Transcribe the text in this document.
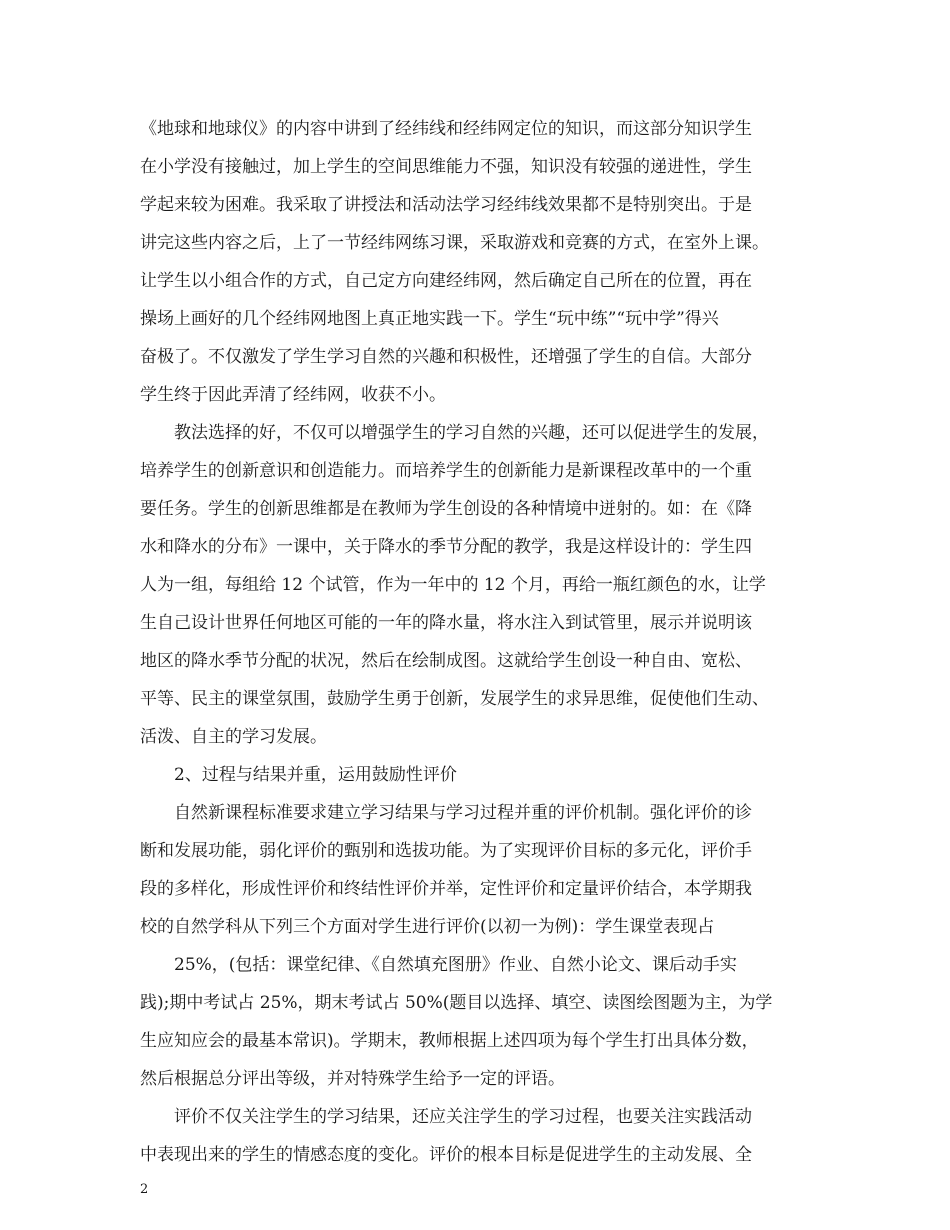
《地球和地球仪》的内容中讲到了经纬线和经纬网定位的知识，而这部分知识学生
在小学没有接触过，加上学生的空间思维能力不强，知识没有较强的递进性，学生
学起来较为困难。我采取了讲授法和活动法学习经纬线效果都不是特别突出。于是
讲完这些内容之后，上了一节经纬网练习课，采取游戏和竞赛的方式，在室外上课。
让学生以小组合作的方式，自己定方向建经纬网，然后确定自己所在的位置，再在
操场上画好的几个经纬网地图上真正地实践一下。学生“玩中练”“玩中学”得兴
奋极了。不仅激发了学生学习自然的兴趣和积极性，还增强了学生的自信。大部分
学生终于因此弄清了经纬网，收获不小。
教法选择的好，不仅可以增强学生的学习自然的兴趣，还可以促进学生的发展，
培养学生的创新意识和创造能力。而培养学生的创新能力是新课程改革中的一个重
要任务。学生的创新思维都是在教师为学生创设的各种情境中迸射的。如：在《降
水和降水的分布》一课中，关于降水的季节分配的教学，我是这样设计的：学生四
人为一组，每组给 12 个试管，作为一年中的 12 个月，再给一瓶红颜色的水，让学
生自己设计世界任何地区可能的一年的降水量，将水注入到试管里，展示并说明该
地区的降水季节分配的状况，然后在绘制成图。这就给学生创设一种自由、宽松、
平等、民主的课堂氛围，鼓励学生勇于创新，发展学生的求异思维，促使他们生动、
活泼、自主的学习发展。
2、过程与结果并重，运用鼓励性评价
自然新课程标准要求建立学习结果与学习过程并重的评价机制。强化评价的诊
断和发展功能，弱化评价的甄别和选拔功能。为了实现评价目标的多元化，评价手
段的多样化，形成性评价和终结性评价并举，定性评价和定量评价结合，本学期我
校的自然学科从下列三个方面对学生进行评价(以初一为例)：学生课堂表现占
25%，(包括：课堂纪律、《自然填充图册》作业、自然小论文、课后动手实
践);期中考试占 25%，期末考试占 50%(题目以选择、填空、读图绘图题为主，为学
生应知应会的最基本常识)。学期末，教师根据上述四项为每个学生打出具体分数，
然后根据总分评出等级，并对特殊学生给予一定的评语。
评价不仅关注学生的学习结果，还应关注学生的学习过程，也要关注实践活动
中表现出来的学生的情感态度的变化。评价的根本目标是促进学生的主动发展、全
2
